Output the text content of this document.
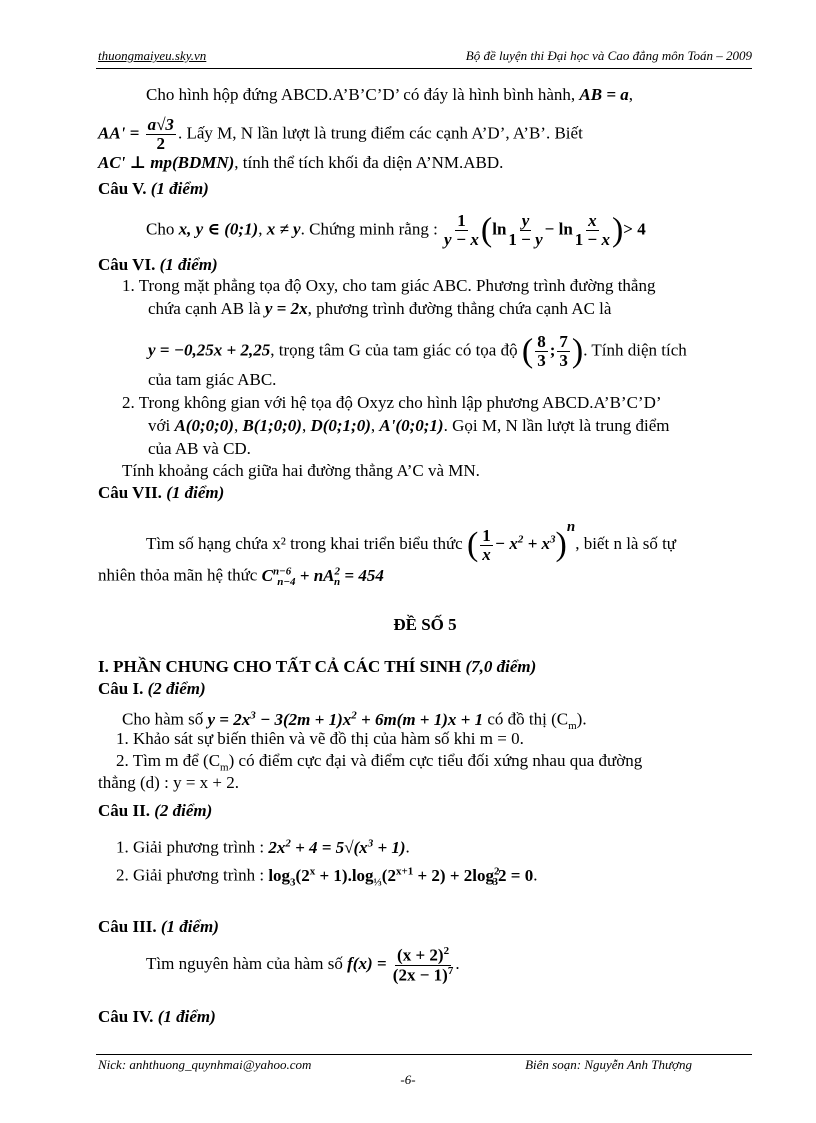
thuongmaiyeu.sky.vn	Bộ đề luyện thi Đại học và Cao đẳng môn Toán – 2009
Cho hình hộp đứng ABCD.A’B’C’D’ có đáy là hình bình hành, AB = a,
$AA' = \frac{a√3}{2}$ . Lấy M, N lần lượt là trung điểm các cạnh A’D’, A’B’. Biết
AC' ⊥ mp(BDMN), tính thể tích khối đa diện A’NM.ABD.
Câu V. (1 điểm)
Cho x, y ∈ (0;1), x ≠ y. Chứng minh rằng : $\frac{1}{y - x} (\ln \frac{y}{1 - y} - \ln \frac{x}{1 - x}$ )> 4
Câu VI. (1 điểm)
1. Trong mặt phẳng tọa độ Oxy, cho tam giác ABC. Phương trình đường thẳng
chứa cạnh AB là y = 2x, phương trình đường thẳng chứa cạnh AC là
y = −0,25x + 2,25, trọng tâm G của tam giác có tọa độ ( $\frac{8}{3}$ ; $\frac{7}{3}$ ). Tính diện tích
của tam giác ABC.
2. Trong không gian với hệ tọa độ Oxyz cho hình lập phương ABCD.A’B’C’D’
với A(0;0;0), B(1;0;0), D(0;1;0), A'(0;0;1). Gọi M, N lần lượt là trung điểm
của AB và CD.
Tính khoảng cách giữa hai đường thẳng A’C và MN.
Câu VII. (1 điểm)
Tìm số hạng chứa x² trong khai triển biểu thức ( $\frac{1}{x} - x^2 + x^3)^n$, biết n là số tự
nhiên thỏa mãn hệ thức $C^{n-6}_{n-4} + nA^2_n = 454$
ĐỀ SỐ 5
I. PHẦN CHUNG CHO TẤT CẢ CÁC THÍ SINH (7,0 điểm)
Câu I. (2 điểm)
Cho hàm số $y = 2x^3 - 3(2m + 1)x^2 + 6m(m + 1)x + 1$ có đồ thị $(C_m)$.
1. Khảo sát sự biến thiên và vẽ đồ thị của hàm số khi m = 0.
2. Tìm m để $(C_m)$ có điểm cực đại và điểm cực tiểu đối xứng nhau qua đường
thẳng (d) : y = x + 2.
Câu II. (2 điểm)
1. Giải phương trình : $2x^2 + 4 = 5√(x^3 + 1)$.
2. Giải phương trình : $\log_3(2^x + 1).\log_{\frac{1}{3}}(2^{x+1} + 2) + 2\log^2_32 = 0$.
Câu III. (1 điểm)
Tìm nguyên hàm của hàm số $f(x) = \frac{(x + 2)^2}{(2x - 1)^7}$ .
Câu IV. (1 điểm)
Nick: anhthuong_quynhmai@yahoo.com	Biên soạn: Nguyễn Anh Thượng
-6-
